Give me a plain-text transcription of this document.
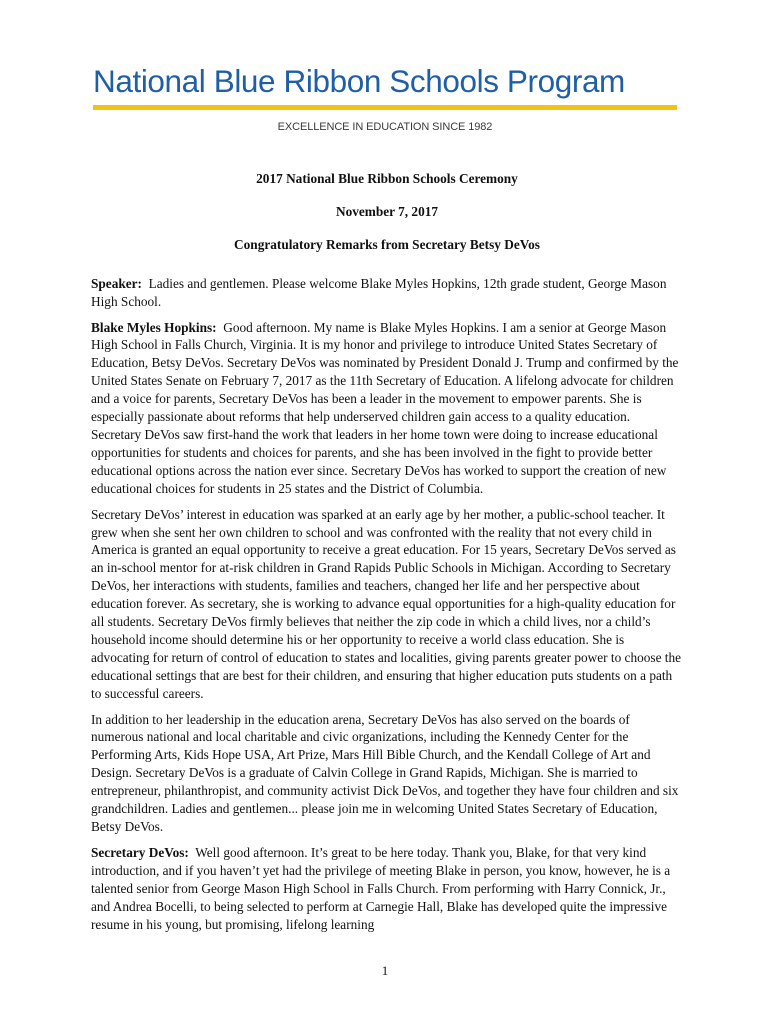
National Blue Ribbon Schools Program
EXCELLENCE IN EDUCATION SINCE 1982

2017 National Blue Ribbon Schools Ceremony

November 7, 2017

Congratulatory Remarks from Secretary Betsy DeVos

Speaker: Ladies and gentlemen. Please welcome Blake Myles Hopkins, 12th grade student, George Mason High School.

Blake Myles Hopkins: Good afternoon. My name is Blake Myles Hopkins. I am a senior at George Mason High School in Falls Church, Virginia. It is my honor and privilege to introduce United States Secretary of Education, Betsy DeVos. Secretary DeVos was nominated by President Donald J. Trump and confirmed by the United States Senate on February 7, 2017 as the 11th Secretary of Education. A lifelong advocate for children and a voice for parents, Secretary DeVos has been a leader in the movement to empower parents. She is especially passionate about reforms that help underserved children gain access to a quality education. Secretary DeVos saw first-hand the work that leaders in her home town were doing to increase educational opportunities for students and choices for parents, and she has been involved in the fight to provide better educational options across the nation ever since. Secretary DeVos has worked to support the creation of new educational choices for students in 25 states and the District of Columbia.

Secretary DeVos’ interest in education was sparked at an early age by her mother, a public-school teacher. It grew when she sent her own children to school and was confronted with the reality that not every child in America is granted an equal opportunity to receive a great education. For 15 years, Secretary DeVos served as an in-school mentor for at-risk children in Grand Rapids Public Schools in Michigan. According to Secretary DeVos, her interactions with students, families and teachers, changed her life and her perspective about education forever. As secretary, she is working to advance equal opportunities for a high-quality education for all students. Secretary DeVos firmly believes that neither the zip code in which a child lives, nor a child’s household income should determine his or her opportunity to receive a world class education. She is advocating for return of control of education to states and localities, giving parents greater power to choose the educational settings that are best for their children, and ensuring that higher education puts students on a path to successful careers.

In addition to her leadership in the education arena, Secretary DeVos has also served on the boards of numerous national and local charitable and civic organizations, including the Kennedy Center for the Performing Arts, Kids Hope USA, Art Prize, Mars Hill Bible Church, and the Kendall College of Art and Design. Secretary DeVos is a graduate of Calvin College in Grand Rapids, Michigan. She is married to entrepreneur, philanthropist, and community activist Dick DeVos, and together they have four children and six grandchildren. Ladies and gentlemen... please join me in welcoming United States Secretary of Education, Betsy DeVos.

Secretary DeVos: Well good afternoon. It’s great to be here today. Thank you, Blake, for that very kind introduction, and if you haven’t yet had the privilege of meeting Blake in person, you know, however, he is a talented senior from George Mason High School in Falls Church. From performing with Harry Connick, Jr., and Andrea Bocelli, to being selected to perform at Carnegie Hall, Blake has developed quite the impressive resume in his young, but promising, lifelong learning

1
